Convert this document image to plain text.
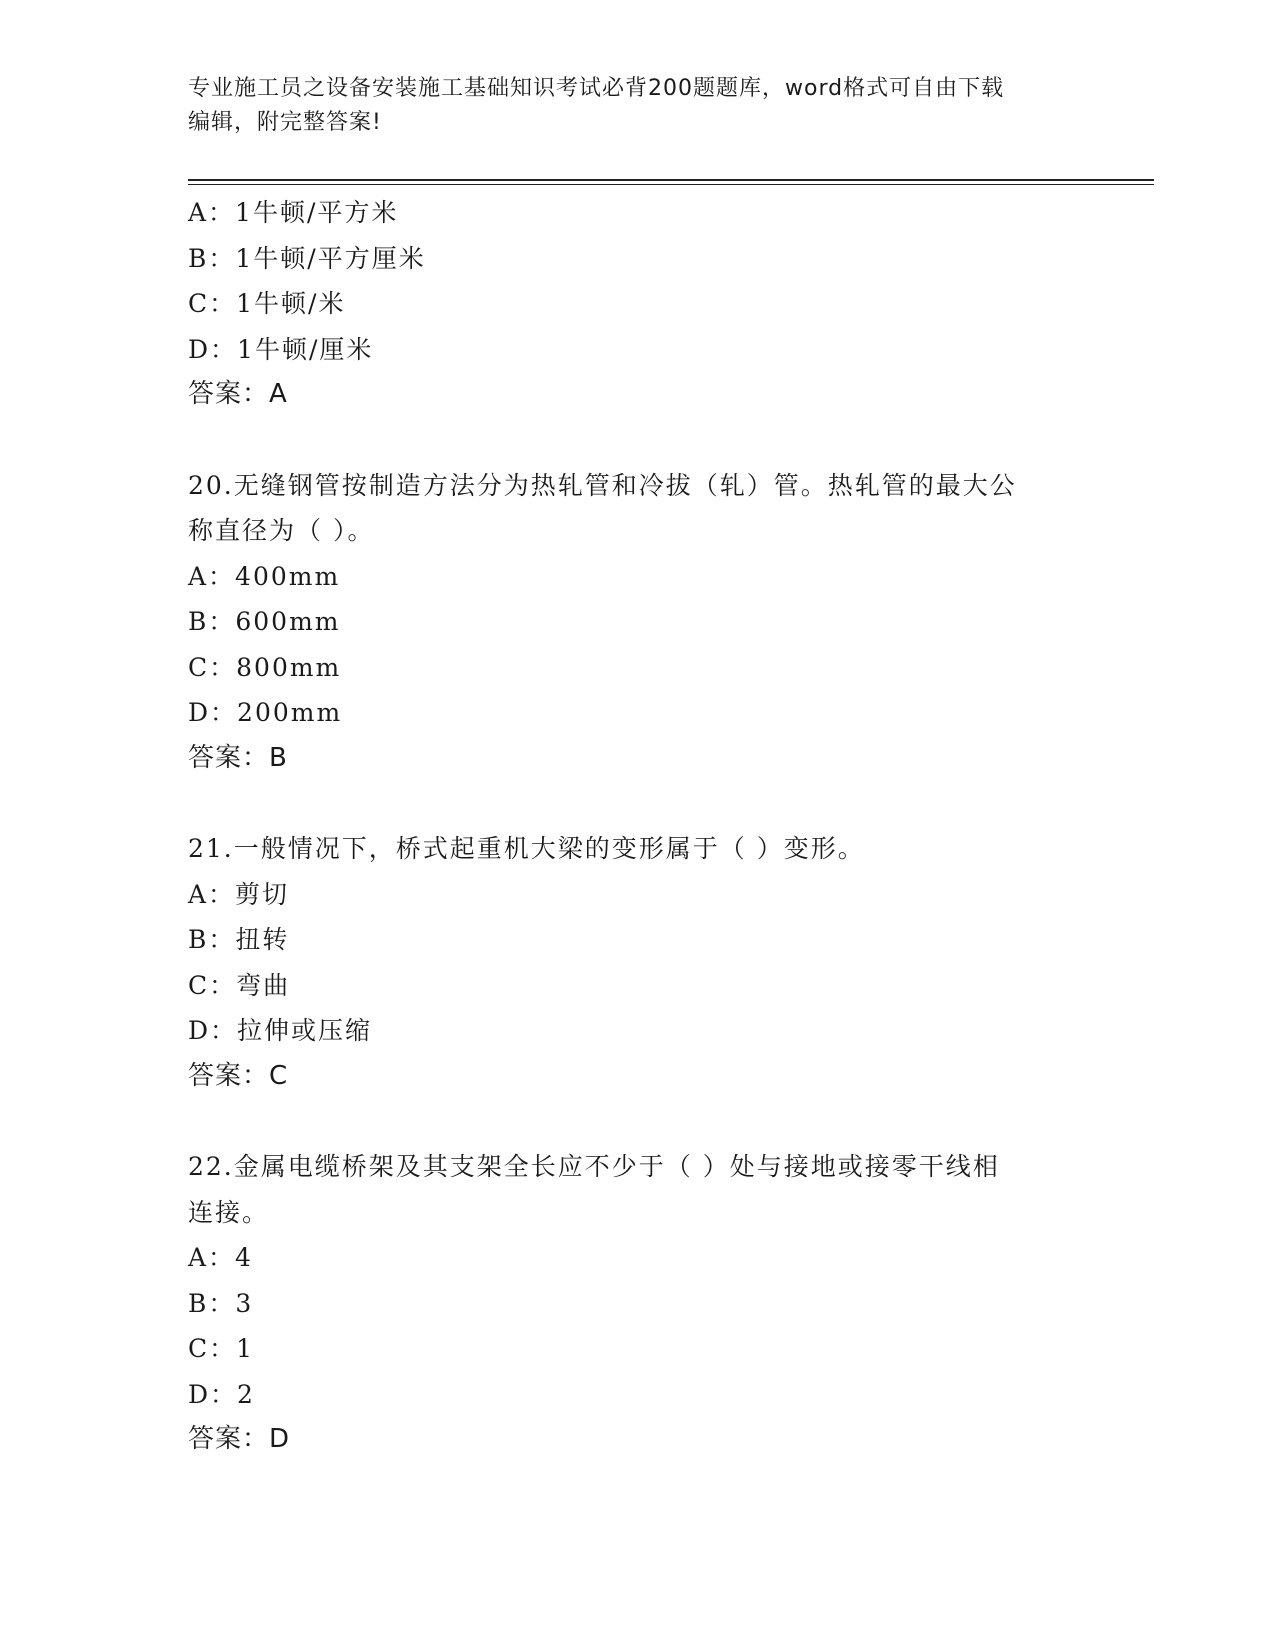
专业施工员之设备安装施工基础知识考试必背200题题库，word格式可自由下载
编辑，附完整答案!
A：1牛顿/平方米
B：1牛顿/平方厘米
C：1牛顿/米
D：1牛顿/厘米
答案：A
20.无缝钢管按制造方法分为热轧管和冷拔（轧）管。热轧管的最大公
称直径为（ ）。
A：400mm
B：600mm
C：800mm
D：200mm
答案：B
21.一般情况下，桥式起重机大梁的变形属于（ ）变形。
A：剪切
B：扭转
C：弯曲
D：拉伸或压缩
答案：C
22.金属电缆桥架及其支架全长应不少于（ ）处与接地或接零干线相
连接。
A：4
B：3
C：1
D：2
答案：D
